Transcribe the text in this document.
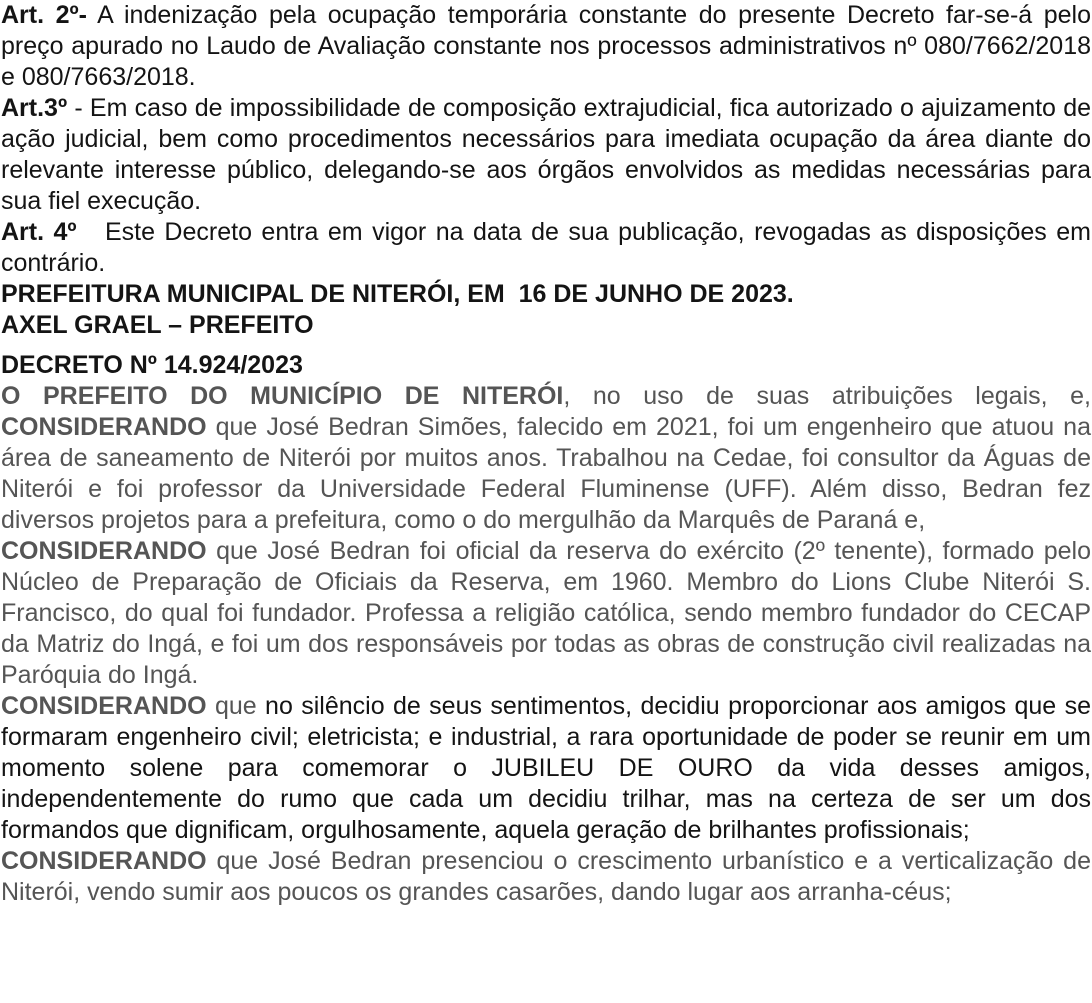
Art. 2º- A indenização pela ocupação temporária constante do presente Decreto far-se-á pelo preço apurado no Laudo de Avaliação constante nos processos administrativos nº 080/7662/2018 e 080/7663/2018.

Art.3º - Em caso de impossibilidade de composição extrajudicial, fica autorizado o ajuizamento de ação judicial, bem como procedimentos necessários para imediata ocupação da área diante do relevante interesse público, delegando-se aos órgãos envolvidos as medidas necessárias para sua fiel execução.

Art. 4º   Este Decreto entra em vigor na data de sua publicação, revogadas as disposições em contrário.

PREFEITURA MUNICIPAL DE NITERÓI, EM  16 DE JUNHO DE 2023.

AXEL GRAEL – PREFEITO

DECRETO Nº 14.924/2023

O PREFEITO DO MUNICÍPIO DE NITERÓI, no uso de suas atribuições legais, e, CONSIDERANDO que José Bedran Simões, falecido em 2021, foi um engenheiro que atuou na área de saneamento de Niterói por muitos anos. Trabalhou na Cedae, foi consultor da Águas de Niterói e foi professor da Universidade Federal Fluminense (UFF). Além disso, Bedran fez diversos projetos para a prefeitura, como o do mergulhão da Marquês de Paraná e,

CONSIDERANDO que José Bedran foi oficial da reserva do exército (2º tenente), formado pelo Núcleo de Preparação de Oficiais da Reserva, em 1960. Membro do Lions Clube Niterói S. Francisco, do qual foi fundador. Professa a religião católica, sendo membro fundador do CECAP da Matriz do Ingá, e foi um dos responsáveis por todas as obras de construção civil realizadas na Paróquia do Ingá.

CONSIDERANDO que no silêncio de seus sentimentos, decidiu proporcionar aos amigos que se formaram engenheiro civil; eletricista; e industrial, a rara oportunidade de poder se reunir em um momento solene para comemorar o JUBILEU DE OURO da vida desses amigos, independentemente do rumo que cada um decidiu trilhar, mas na certeza de ser um dos formandos que dignificam, orgulhosamente, aquela geração de brilhantes profissionais;

CONSIDERANDO que José Bedran presenciou o crescimento urbanístico e a verticalização de Niterói, vendo sumir aos poucos os grandes casarões, dando lugar aos arranha-céus;
